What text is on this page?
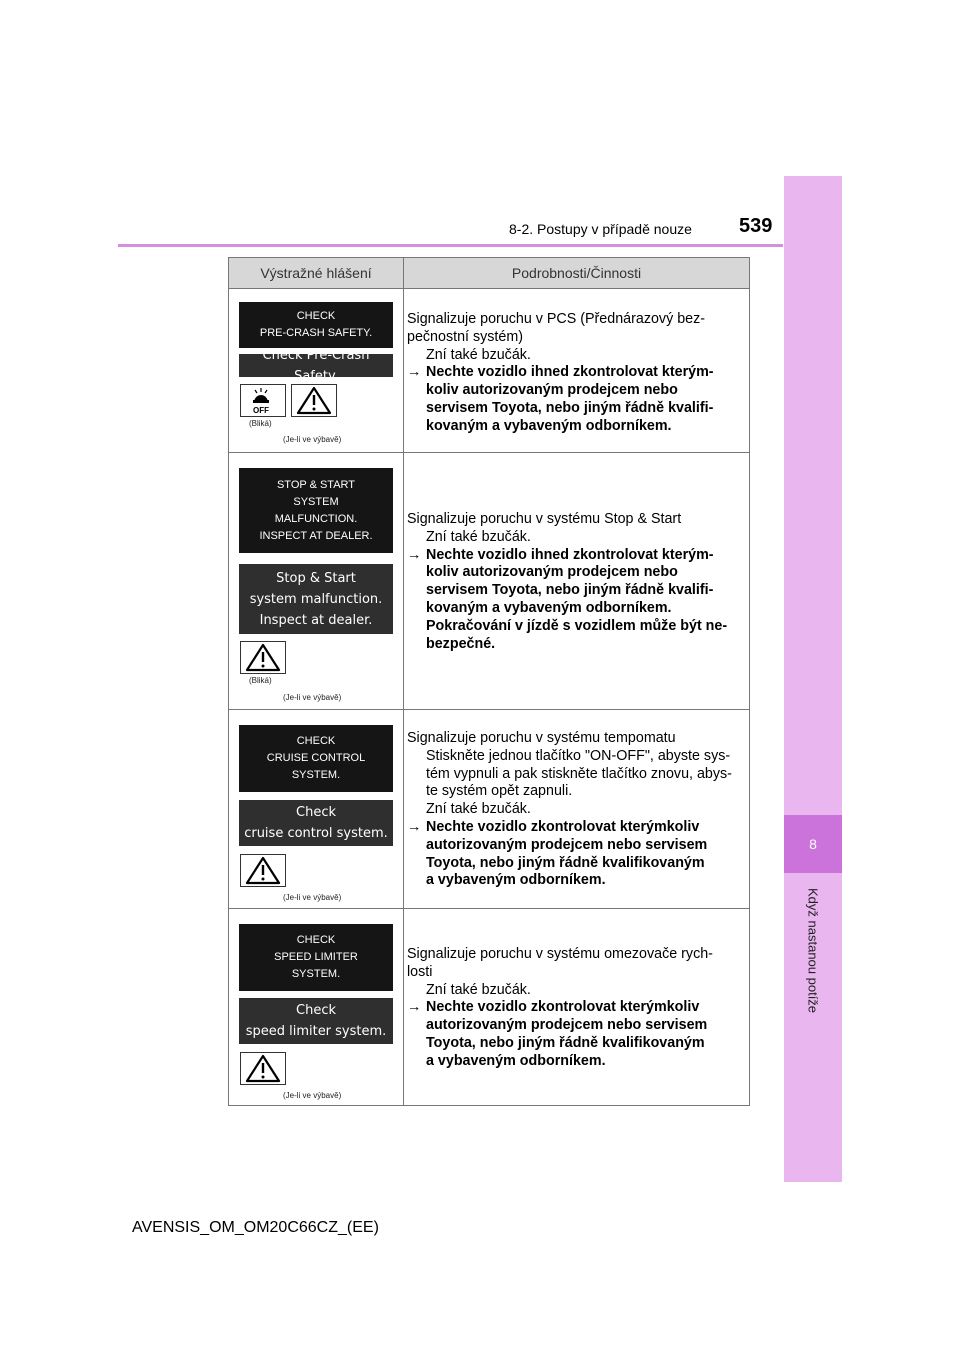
8-2. Postupy v případě nouze 539
8
Když nastanou potíže
Výstražné hlášení	Podrobnosti/Činnosti
CHECK
PRE-CRASH SAFETY.
Check Pre-Crash Safety.
OFF
(Bliká)
(Je-li ve výbavě)

Signalizuje poruchu v PCS (Přednárazový bez-

pečnostní systém)

Zní také bzučák.

→ Nechte vozidlo ihned zkontrolovat kterým-
koliv autorizovaným prodejcem nebo
servisem Toyota, nebo jiným řádně kvalifi-
kovaným a vybaveným odborníkem.
STOP & START
SYSTEM
MALFUNCTION.
INSPECT AT DEALER.
Stop & Start
system malfunction.
Inspect at dealer.
(Bliká)
(Je-li ve výbavě)

Signalizuje poruchu v systému Stop & Start

Zní také bzučák.

→ Nechte vozidlo ihned zkontrolovat kterým-
koliv autorizovaným prodejcem nebo
servisem Toyota, nebo jiným řádně kvalifi-
kovaným a vybaveným odborníkem.
Pokračování v jízdě s vozidlem může být ne-
bezpečné.
CHECK
CRUISE CONTROL
SYSTEM.
Check
cruise control system.
(Je-li ve výbavě)

Signalizuje poruchu v systému tempomatu

Stiskněte jednou tlačítko "ON-OFF", abyste sys-

tém vypnuli a pak stiskněte tlačítko znovu, abys-

te systém opět zapnuli.

Zní také bzučák.

→ Nechte vozidlo zkontrolovat kterýmkoliv
autorizovaným prodejcem nebo servisem
Toyota, nebo jiným řádně kvalifikovaným
a vybaveným odborníkem.
CHECK
SPEED LIMITER
SYSTEM.
Check
speed limiter system.
(Je-li ve výbavě)

Signalizuje poruchu v systému omezovače rych-

losti

Zní také bzučák.

→ Nechte vozidlo zkontrolovat kterýmkoliv
autorizovaným prodejcem nebo servisem
Toyota, nebo jiným řádně kvalifikovaným
a vybaveným odborníkem.
AVENSIS_OM_OM20C66CZ_(EE)
